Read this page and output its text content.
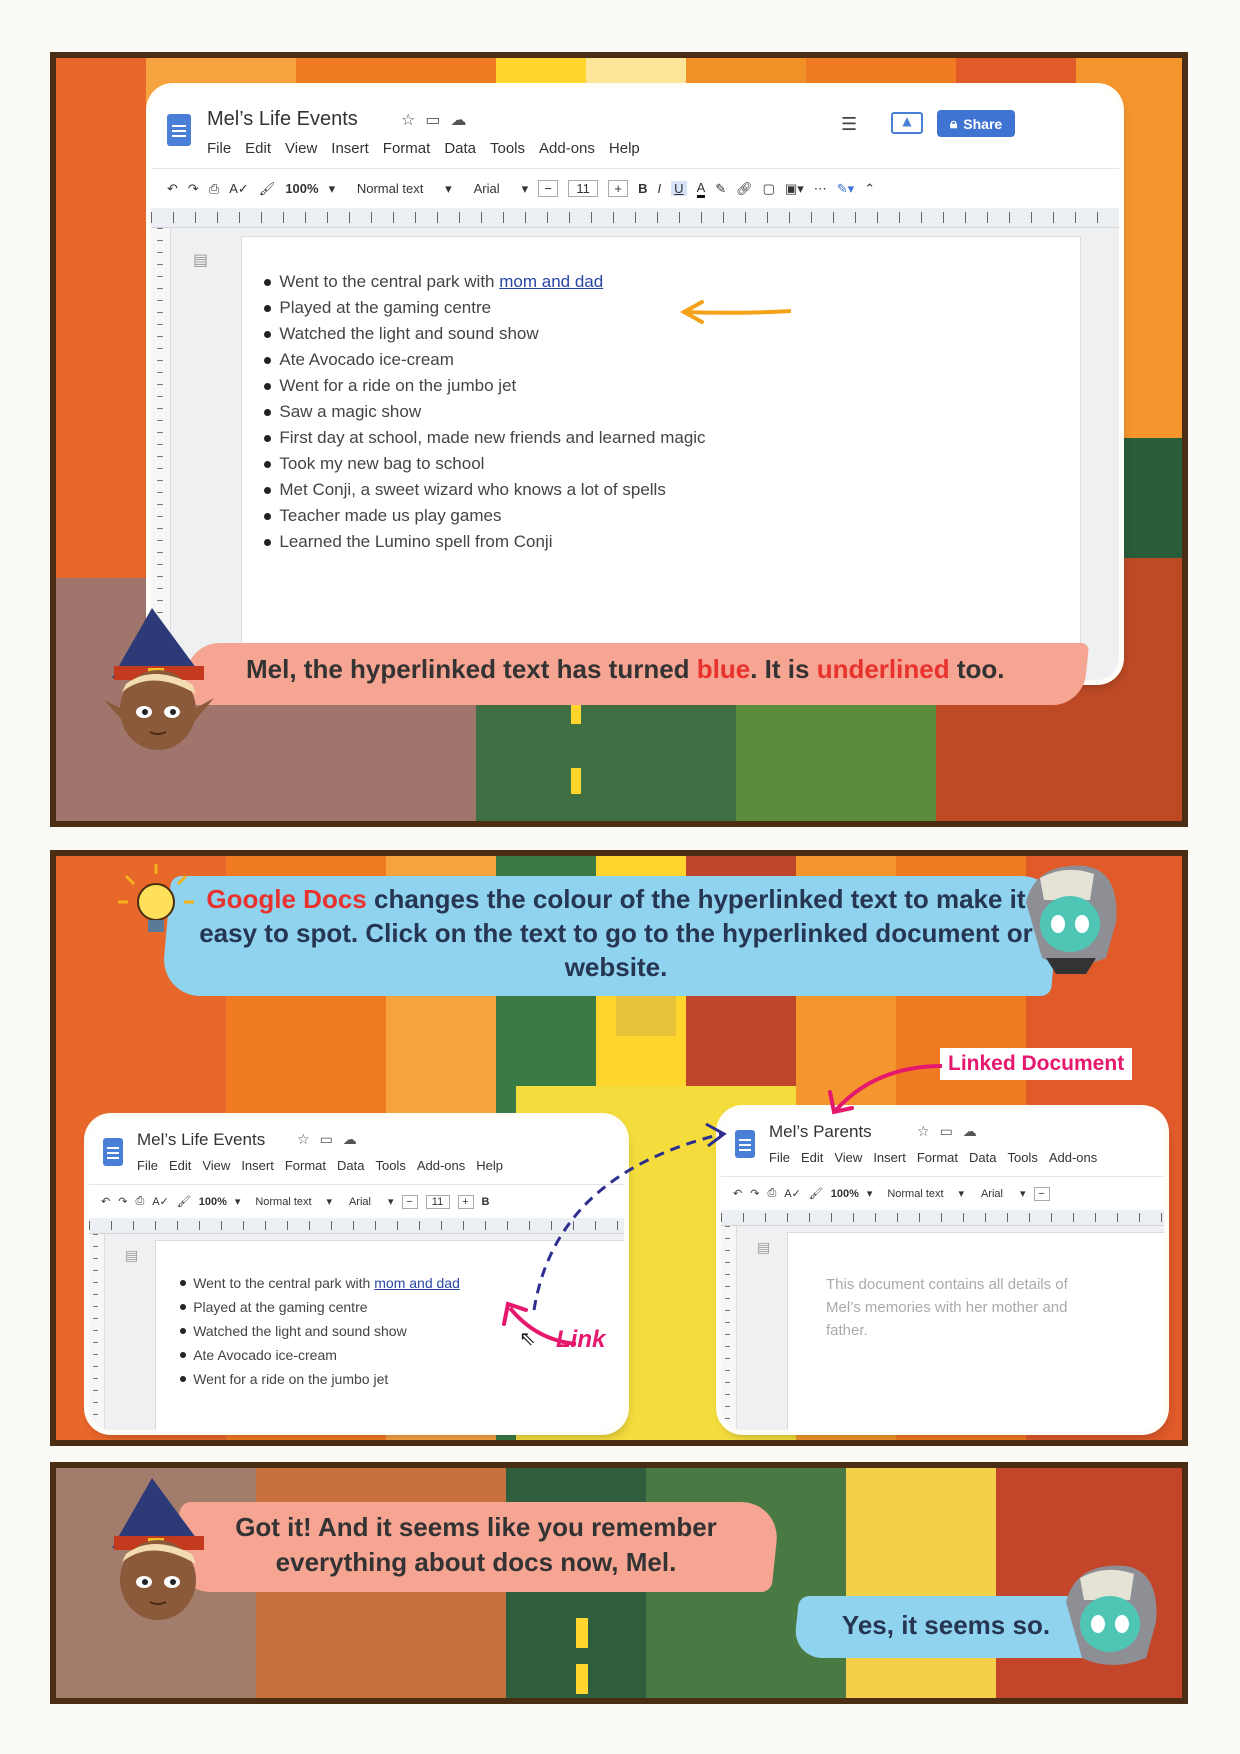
Mel’s Life Events	☆ ▭ ☁
File Edit View Insert Format Data Tools Add-ons Help
☰	▲	🔒︎ Share
↶ ↷ ⎙ A✓ 🖌︎ 100% ▾	Normal text	▾	Arial	▾	−	11	+	B I U A ✎ 🔗︎ ▢ ▣▾ ⋯ ✎▾ ⌃
▤
Went to the central park with mom and dad
Played at the gaming centre
Watched the light and sound show
Ate Avocado ice-cream
Went for a ride on the jumbo jet
Saw a magic show
First day at school, made new friends and learned magic
Took my new bag to school
Met Conji, a sweet wizard who knows a lot of spells
Teacher made us play games
Learned the Lumino spell from Conji
Mel, the hyperlinked text has turned blue. It is underlined too.
Google Docs changes the colour of the hyperlinked text to make it easy to spot. Click on the text to go to the hyperlinked document or website.
Mel’s Life Events ☆ ▭ ☁
File Edit View Insert Format Data Tools Add-ons Help
↶ ↷ ⎙ A✓ 🖌︎ 100% ▾	Normal text	▾	Arial	▾	−	11	+	B
▤
Went to the central park with mom and dad
Played at the gaming centre
Watched the light and sound show
Ate Avocado ice-cream
Went for a ride on the jumbo jet
⇖
Mel’s Parents	☆ ▭ ☁
File Edit View Insert Format Data Tools Add-ons
↶ ↷ ⎙ A✓ 🖌︎ 100% ▾	Normal text	▾	Arial	▾	−
▤
This document contains all details of Mel’s memories with her mother and father.
Linked Document
Link
Got it! And it seems like you remember everything about docs now, Mel.
Yes, it seems so.
